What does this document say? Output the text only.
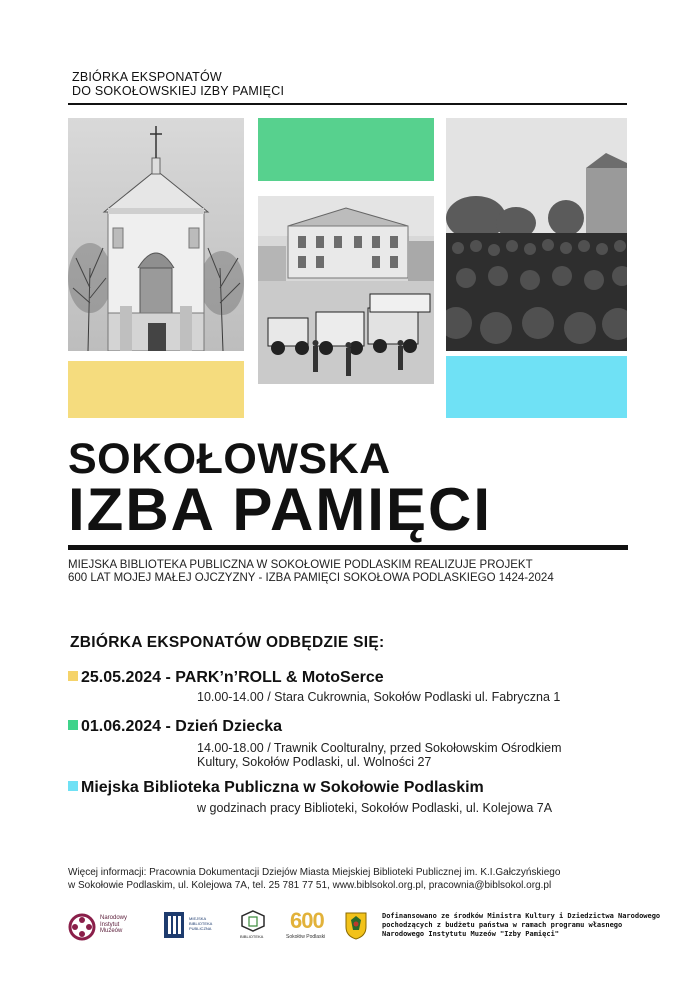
ZBIÓRKA EKSPONATÓW
DO SOKOŁOWSKIEJ IZBY PAMIĘCI
SOKOŁOWSKA
IZBA PAMIĘCI
MIEJSKA BIBLIOTEKA PUBLICZNA W SOKOŁOWIE PODLASKIM REALIZUJE PROJEKT
600 LAT MOJEJ MAŁEJ OJCZYZNY - IZBA PAMIĘCI SOKOŁOWA PODLASKIEGO 1424-2024
ZBIÓRKA EKSPONATÓW ODBĘDZIE SIĘ:
25.05.2024 - PARK’n’ROLL & MotoSerce
10.00-14.00 / Stara Cukrownia, Sokołów Podlaski ul. Fabryczna 1
01.06.2024 - Dzień Dziecka
14.00-18.00 / Trawnik Coolturalny, przed Sokołowskim Ośrodkiem
Kultury, Sokołów Podlaski, ul. Wolności 27
Miejska Biblioteka Publiczna w Sokołowie Podlaskim
w godzinach pracy Biblioteki, Sokołów Podlaski, ul. Kolejowa 7A
Więcej informacji: Pracownia Dokumentacji Dziejów Miasta Miejskiej Biblioteki Publicznej im. K.I.Gałczyńskiego
w Sokołowie Podlaskim, ul. Kolejowa 7A, tel. 25 781 77 51, www.biblsokol.org.pl, pracownia@biblsokol.org.pl
Narodowy Instytut Muzeów
MIEJSKA BIBLIOTEKA PUBLICZNA
BIBLIOTEKA
600
Sokołów Podlaski
Dofinansowano ze środków Ministra Kultury i Dziedzictwa Narodowego
pochodzących z budżetu państwa w ramach programu własnego
Narodowego Instytutu Muzeów "Izby Pamięci"
